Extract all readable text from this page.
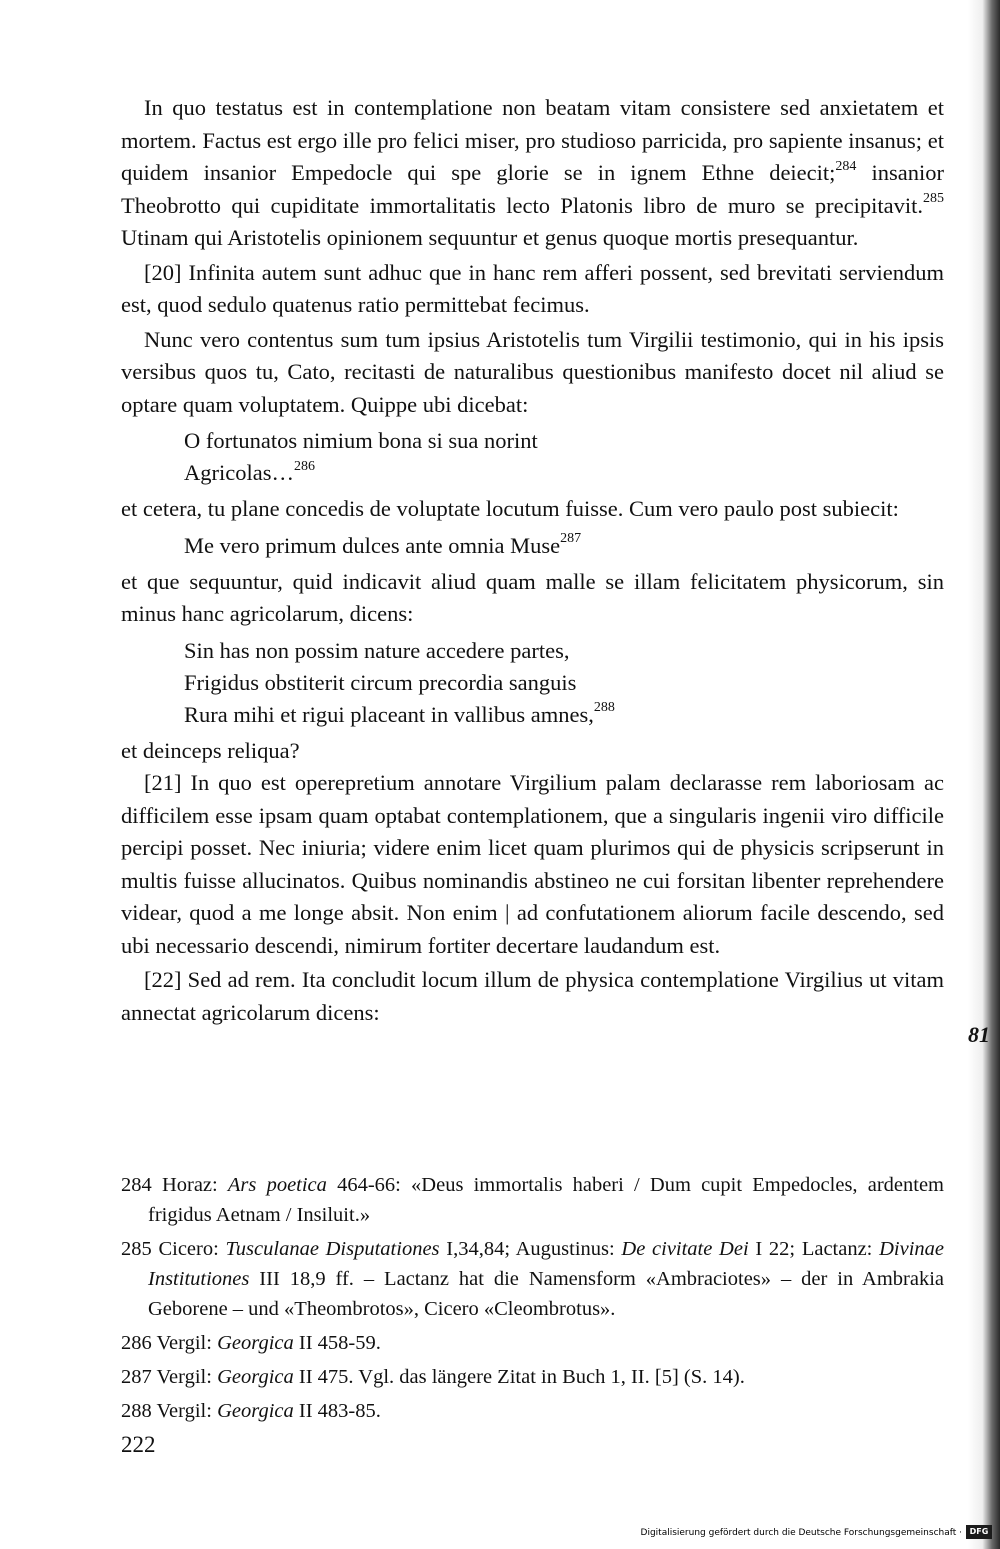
In quo testatus est in contemplatione non beatam vitam consistere sed anxietatem et mortem. Factus est ergo ille pro felici miser, pro studioso parricida, pro sapiente insanus; et quidem insanior Empedocle qui spe glorie se in ignem Ethne deiecit;$^{284}$ insanior Theobrotto qui cupiditate immortalitatis lecto Platonis libro de muro se precipitavit.$^{285}$ Utinam qui Aristotelis opinionem sequuntur et genus quoque mortis presequantur.

[20] Infinita autem sunt adhuc que in hanc rem afferi possent, sed brevitati serviendum est, quod sedulo quatenus ratio permittebat fecimus.

Nunc vero contentus sum tum ipsius Aristotelis tum Virgilii testimonio, qui in his ipsis versibus quos tu, Cato, recitasti de naturalibus questionibus manifesto docet nil aliud se optare quam voluptatem. Quippe ubi dicebat:

O fortunatos nimium bona si sua norint
Agricolas…$^{286}$

et cetera, tu plane concedis de voluptate locutum fuisse. Cum vero paulo post subiecit:

Me vero primum dulces ante omnia Muse$^{287}$

et que sequuntur, quid indicavit aliud quam malle se illam felicitatem physicorum, sin minus hanc agricolarum, dicens:

Sin has non possim nature accedere partes,
Frigidus obstiterit circum precordia sanguis
Rura mihi et rigui placeant in vallibus amnes,$^{288}$

et deinceps reliqua?

[21] In quo est operepretium annotare Virgilium palam declarasse rem laboriosam ac difficilem esse ipsam quam optabat contemplationem, que a singularis ingenii viro difficile percipi posset. Nec iniuria; videre enim licet quam plurimos qui de physicis scripserunt in multis fuisse allucinatos. Quibus nominandis abstineo ne cui forsitan libenter reprehendere videar, quod a me longe absit. Non enim | ad confutationem aliorum facile descendo, sed ubi necessario descendi, nimirum fortiter decertare laudandum est.

[22] Sed ad rem. Ita concludit locum illum de physica contemplatione Virgilius ut vitam annectat agricolarum dicens:

81

284 Horaz: Ars poetica 464-66: «Deus immortalis haberi / Dum cupit Empedocles, ardentem frigidus Aetnam / Insiluit.»

285 Cicero: Tusculanae Disputationes I,34,84; Augustinus: De civitate Dei I 22; Lactanz: Divinae Institutiones III 18,9 ff. – Lactanz hat die Namensform «Ambraciotes» – der in Ambrakia Geborene – und «Theombrotos», Cicero «Cleombrotus».

286 Vergil: Georgica II 458-59.

287 Vergil: Georgica II 475. Vgl. das längere Zitat in Buch 1, II. [5] (S. 14).

288 Vergil: Georgica II 483-85.

222
Digitalisierung gefördert durch die Deutsche Forschungsgemeinschaft · DFG
